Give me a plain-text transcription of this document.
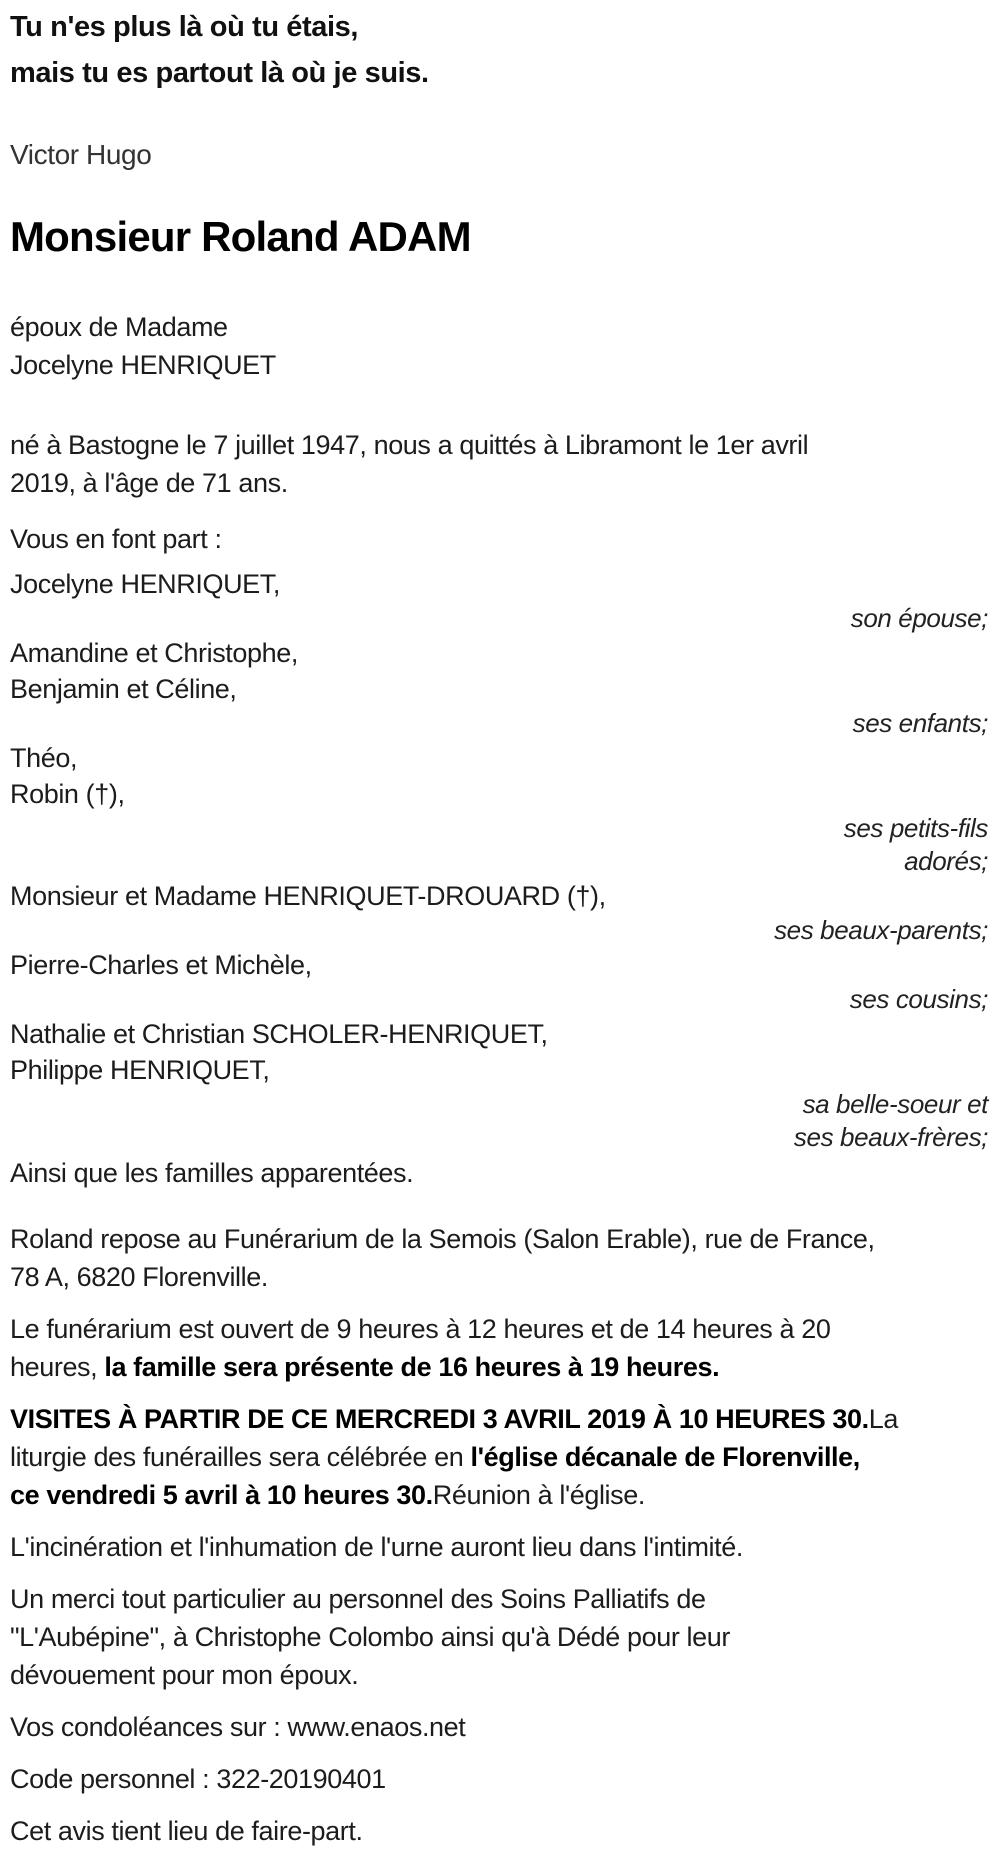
Tu n'es plus là où tu étais,
mais tu es partout là où je suis.
Victor Hugo
Monsieur Roland ADAM
époux de Madame
Jocelyne HENRIQUET
né à Bastogne le 7 juillet 1947, nous a quittés à Libramont le 1er avril
2019, à l'âge de 71 ans.
Vous en font part :
Jocelyne HENRIQUET,
son épouse;
Amandine et Christophe,
Benjamin et Céline,
ses enfants;
Théo,
Robin (†),
ses petits-fils
adorés;
Monsieur et Madame HENRIQUET-DROUARD (†),
ses beaux-parents;
Pierre-Charles et Michèle,
ses cousins;
Nathalie et Christian SCHOLER-HENRIQUET,
Philippe HENRIQUET,
sa belle-soeur et
ses beaux-frères;
Ainsi que les familles apparentées.

Roland repose au Funérarium de la Semois (Salon Erable), rue de France,
78 A, 6820 Florenville.

Le funérarium est ouvert de 9 heures à 12 heures et de 14 heures à 20
heures, la famille sera présente de 16 heures à 19 heures.

VISITES À PARTIR DE CE MERCREDI 3 AVRIL 2019 À 10 HEURES 30.La
liturgie des funérailles sera célébrée en l'église décanale de Florenville,
ce vendredi 5 avril à 10 heures 30.Réunion à l'église.

L'incinération et l'inhumation de l'urne auront lieu dans l'intimité.

Un merci tout particulier au personnel des Soins Palliatifs de
"L'Aubépine", à Christophe Colombo ainsi qu'à Dédé pour leur
dévouement pour mon époux.

Vos condoléances sur : www.enaos.net

Code personnel : 322-20190401

Cet avis tient lieu de faire-part.
